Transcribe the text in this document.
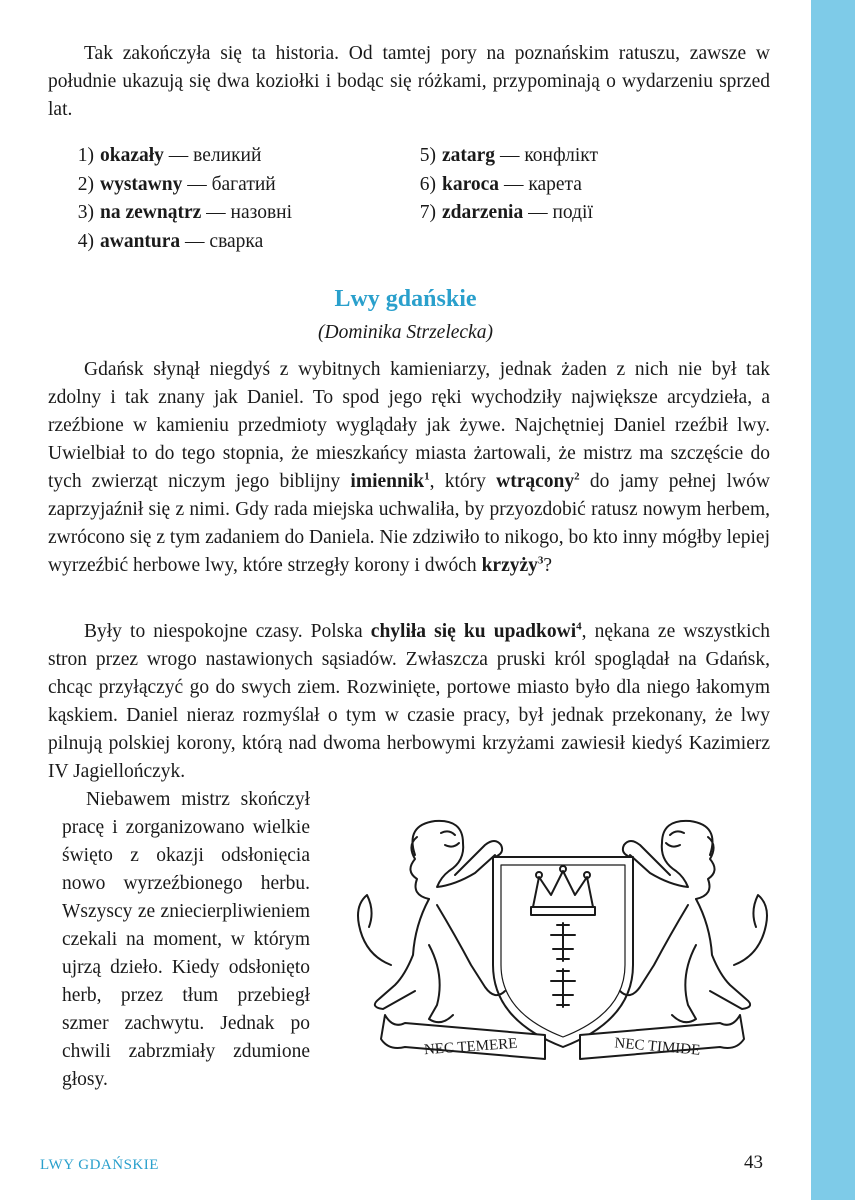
Tak zakończyła się ta historia. Od tamtej pory na poznańskim ratuszu, zawsze w południe ukazują się dwa koziołki i bodąc się różkami, przypominają o wydarzeniu sprzed lat.

1) okazały — великий
2) wystawny — багатий
3) na zewnątrz — назовні
4) awantura — сварка
5) zatarg — конфлікт
6) karoca — карета
7) zdarzenia — події
Lwy gdańskie
(Dominika Strzelecka)

Gdańsk słynął niegdyś z wybitnych kamieniarzy, jednak żaden z nich nie był tak zdolny i tak znany jak Daniel. To spod jego ręki wychodziły największe arcydzieła, a rzeźbione w kamieniu przedmioty wyglądały jak żywe. Najchętniej Daniel rzeźbił lwy. Uwielbiał to do tego stopnia, że mieszkańcy miasta żartowali, że mistrz ma szczęście do tych zwierząt niczym jego biblijny imiennik$^1$, który wtrącony$^2$ do jamy pełnej lwów zaprzyjaźnił się z nimi. Gdy rada miejska uchwaliła, by przyozdobić ratusz nowym herbem, zwrócono się z tym zadaniem do Daniela. Nie zdziwiło to nikogo, bo kto inny mógłby lepiej wyrzeźbić herbowe lwy, które strzegły korony i dwóch krzyży$^3$?

Były to niespokojne czasy. Polska chyliła się ku upadkowi$^4$, nękana ze wszystkich stron przez wrogo nastawionych sąsiadów. Zwłaszcza pruski król spoglądał na Gdańsk, chcąc przyłączyć go do swych ziem. Rozwinięte, portowe miasto było dla niego łakomym kąskiem. Daniel nieraz rozmyślał o tym w czasie pracy, był jednak przekonany, że lwy pilnują polskiej korony, którą nad dwoma herbowymi krzyżami zawiesił kiedyś Kazimierz IV Jagiellończyk.

Niebawem mistrz skończył pracę i zorganizowano wielkie święto z okazji odsłonięcia nowo wyrzeźbionego herbu. Wszyscy ze zniecierpliwieniem czekali na moment, w którym ujrzą dzieło. Kiedy odsłonięto herb, przez tłum przebiegł szmer zachwytu. Jednak po chwili zabrzmiały zdumione głosy.

NEC TEMERE	NEC TIMIDE
LWY GDAŃSKIE	43
